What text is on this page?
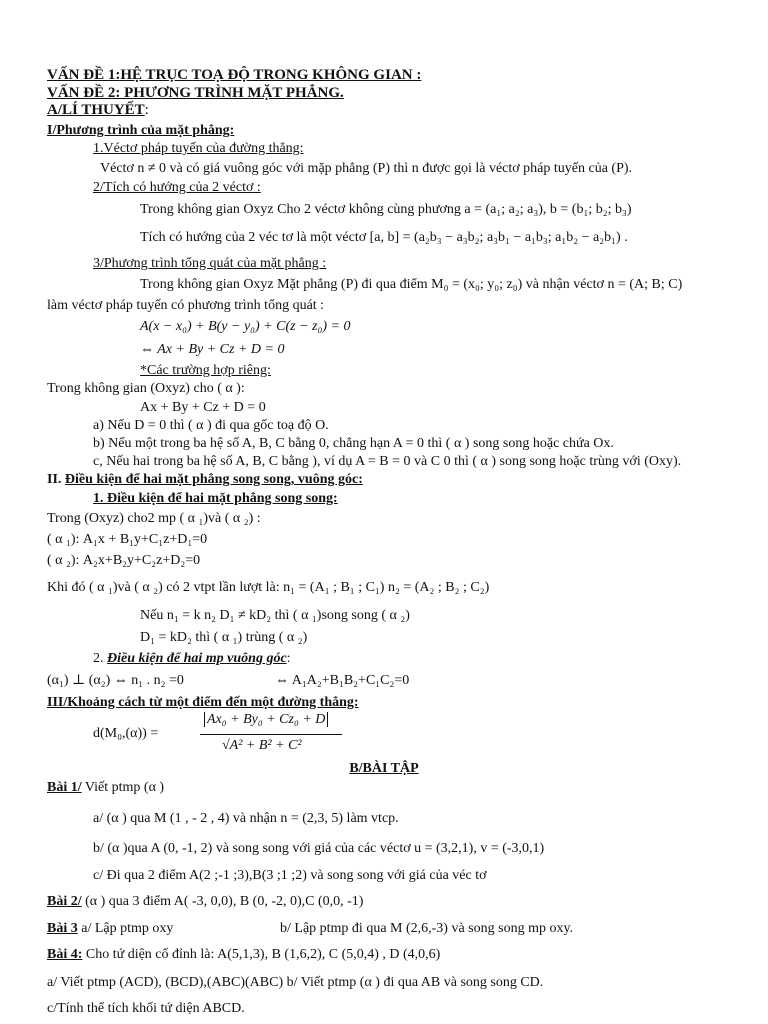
VẤN ĐỀ 1:HỆ TRỤC TOẠ ĐỘ TRONG KHÔNG GIAN :
VẤN ĐỀ 2: PHƯƠNG TRÌNH MẶT PHẲNG.
A/LÍ THUYẾT:
I/Phương trình của mặt phẳng:
1.Véctơ pháp tuyến của đường thẳng:
Véctơ n ≠ 0 và có giá vuông góc với mặp phẳng (P) thì n được gọi là véctơ pháp tuyến của (P).
2/Tích có hướng của 2 véctơ :
Trong không gian Oxyz Cho 2 véctơ không cùng phương a = (a₁; a₂; a₃), b = (b₁; b₂; b₃)
Tích có hướng của 2 véc tơ là một véctơ [a, b] = (a₂b₃ − a₃b₂; a₃b₁ − a₁b₃; a₁b₂ − a₂b₁) .
3/Phương trình tổng quát của mặt phẳng :
Trong không gian Oxyz Mặt phẳng (P) đi qua điểm M₀ = (x₀; y₀; z₀) và nhận véctơ n = (A; B; C)
làm véctơ pháp tuyến có phương trình tổng quát :
A(x − x₀) + B(y − y₀) + C(z − z₀) = 0
⇔ Ax + By + Cz + D = 0
*Các trường hợp riêng:
Trong không gian (Oxyz) cho ( α ):
Ax + By + Cz + D = 0
a) Nếu D = 0 thì ( α ) đi qua gốc toạ độ O.
b) Nếu một trong ba hệ số A, B, C bằng 0, chẳng hạn A = 0 thì ( α ) song song hoặc chứa Ox.
c, Nếu hai trong ba hệ số A, B, C bằng ), ví dụ A = B = 0 và C 0 thì ( α ) song song hoặc trùng với (Oxy).
II. Điều kiện để hai mặt phẳng song song, vuông góc:
1. Điều kiện để hai mặt phẳng song song:
Trong (Oxyz) cho2 mp ( α ₁)và ( α ₂) :
( α ₁): A₁x + B₁y+C₁z+D₁=0
( α ₂): A₂x+B₂y+C₂z+D₂=0
Khi đó ( α ₁)và ( α ₂) có 2 vtpt lần lượt là: n₁ = (A₁ ; B₁ ; C₁) n₂ = (A₂ ; B₂ ; C₂)
Nếu n₁ = k n₂ D₁ ≠ kD₂ thì ( α ₁)song song ( α ₂)
D₁ = kD₂ thì ( α ₁) trùng ( α ₂)
2. Điều kiện để hai mp vuông góc:
(α₁) ⊥ (α₂) ⇔ n₁ . n₂ =0	⇔ A₁A₂+B₁B₂+C₁C₂=0
III/Khoảng cách từ một điểm đến một đường thẳng:
d(M₀,(α)) =
Ax₀ + By₀ + Cz₀ + D
√A² + B² + C²
B/BÀI TẬP
Bài 1/ Viết ptmp (α )
a/ (α ) qua M (1 , - 2 , 4) và nhận n = (2,3, 5) làm vtcp.
b/ (α )qua A (0, -1, 2) và song song với giá của các véctơ u = (3,2,1), v = (-3,0,1)
c/ Đi qua 2 điểm A(2 ;-1 ;3),B(3 ;1 ;2) và song song với giá của véc tơ
Bài 2/ (α ) qua 3 điểm A( -3, 0,0), B (0, -2, 0),C (0,0, -1)
Bài 3 a/ Lập ptmp oxy	b/ Lập ptmp đi qua M (2,6,-3) và song song mp oxy.
Bài 4: Cho tứ diện cố đỉnh là: A(5,1,3), B (1,6,2), C (5,0,4) , D (4,0,6)
a/ Viết ptmp (ACD), (BCD),(ABC)(ABC) b/ Viết ptmp (α ) đi qua AB và song song CD.
c/Tính thể tích khối tứ diện ABCD.
